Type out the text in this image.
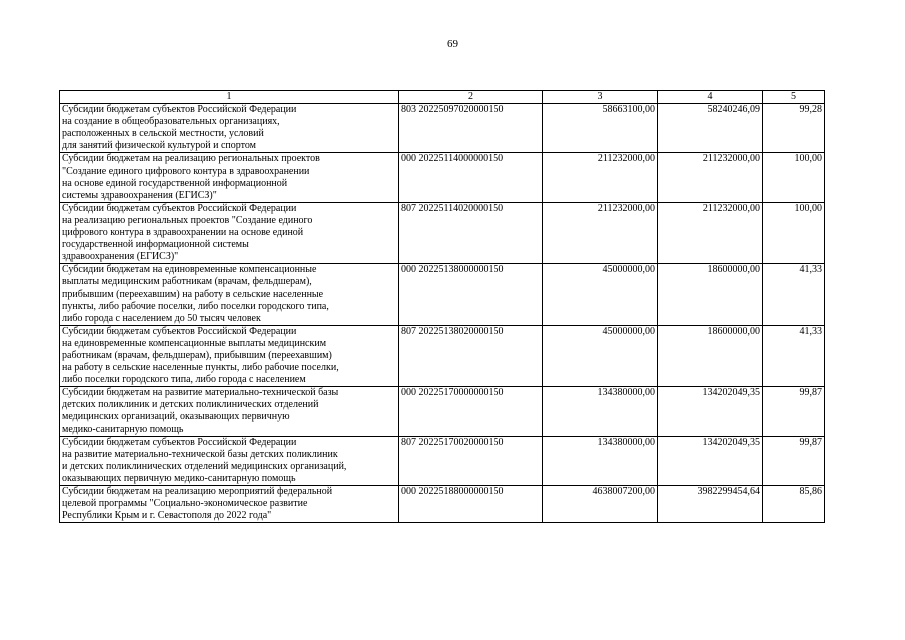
69
1	2	3	4	5
Субсидии бюджетам субъектов Российской Федерации
на создание в общеобразовательных организациях,
расположенных в сельской местности, условий
для занятий физической культурой и спортом	803 20225097020000150	58663100,00	58240246,09	99,28
Субсидии бюджетам на реализацию региональных проектов
"Создание единого цифрового контура в здравоохранении
на основе единой государственной информационной
системы здравоохранения (ЕГИСЗ)"	000 20225114000000150	211232000,00	211232000,00	100,00
Субсидии бюджетам субъектов Российской Федерации
на реализацию региональных проектов "Создание единого
цифрового контура в здравоохранении на основе единой
государственной информационной системы
здравоохранения (ЕГИСЗ)"	807 20225114020000150	211232000,00	211232000,00	100,00
Субсидии бюджетам на единовременные компенсационные
выплаты медицинским работникам (врачам, фельдшерам),
прибывшим (переехавшим) на работу в сельские населенные
пункты, либо рабочие поселки, либо поселки городского типа,
либо города с населением до 50 тысяч человек	000 20225138000000150	45000000,00	18600000,00	41,33
Субсидии бюджетам субъектов Российской Федерации
на единовременные компенсационные выплаты медицинским
работникам (врачам, фельдшерам), прибывшим (переехавшим)
на работу в сельские населенные пункты, либо рабочие поселки,
либо поселки городского типа, либо города с населением	807 20225138020000150	45000000,00	18600000,00	41,33
Субсидии бюджетам на развитие материально-технической базы
детских поликлиник и детских поликлинических отделений
медицинских организаций, оказывающих первичную
медико-санитарную помощь	000 20225170000000150	134380000,00	134202049,35	99,87
Субсидии бюджетам субъектов Российской Федерации
на развитие материально-технической базы детских поликлиник
и детских поликлинических отделений медицинских организаций,
оказывающих первичную медико-санитарную помощь	807 20225170020000150	134380000,00	134202049,35	99,87
Субсидии бюджетам на реализацию мероприятий федеральной
целевой программы "Социально-экономическое развитие
Республики Крым и г. Севастополя до 2022 года"	000 20225188000000150	4638007200,00	3982299454,64	85,86
